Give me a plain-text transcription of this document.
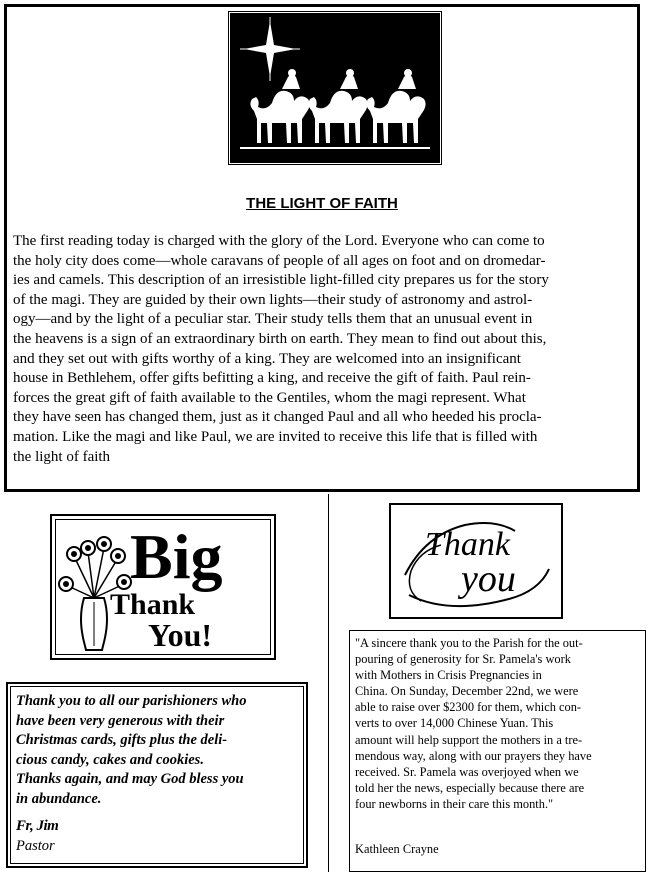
THE LIGHT OF FAITH
The first reading today is charged with the glory of the Lord. Everyone who can come to
the holy city does come—whole caravans of people of all ages on foot and on dromedar-
ies and camels. This description of an irresistible light-filled city prepares us for the story
of the magi. They are guided by their own lights—their study of astronomy and astrol-
ogy—and by the light of a peculiar star. Their study tells them that an unusual event in
the heavens is a sign of an extraordinary birth on earth. They mean to find out about this,
and they set out with gifts worthy of a king. They are welcomed into an insignificant
house in Bethlehem, offer gifts befitting a king, and receive the gift of faith. Paul rein-
forces the great gift of faith available to the Gentiles, whom the magi represent. What
they have seen has changed them, just as it changed Paul and all who heeded his procla-
mation. Like the magi and like Paul, we are invited to receive this life that is filled with
the light of faith
Big
Thank
You!
Thank you to all our parishioners who
have been very generous with their
Christmas cards, gifts plus the deli-
cious candy, cakes and cookies.
Thanks again, and may God bless you
in abundance.
Fr, Jim
Pastor
Thank
you
"A sincere thank you to the Parish for the out-
pouring of generosity for Sr. Pamela's work
with Mothers in Crisis Pregnancies in
China. On Sunday, December 22nd, we were
able to raise over $2300 for them, which con-
verts to over 14,000 Chinese Yuan. This
amount will help support the mothers in a tre-
mendous way, along with our prayers they have
received. Sr. Pamela was overjoyed when we
told her the news, especially because there are
four newborns in their care this month."
Kathleen Crayne
